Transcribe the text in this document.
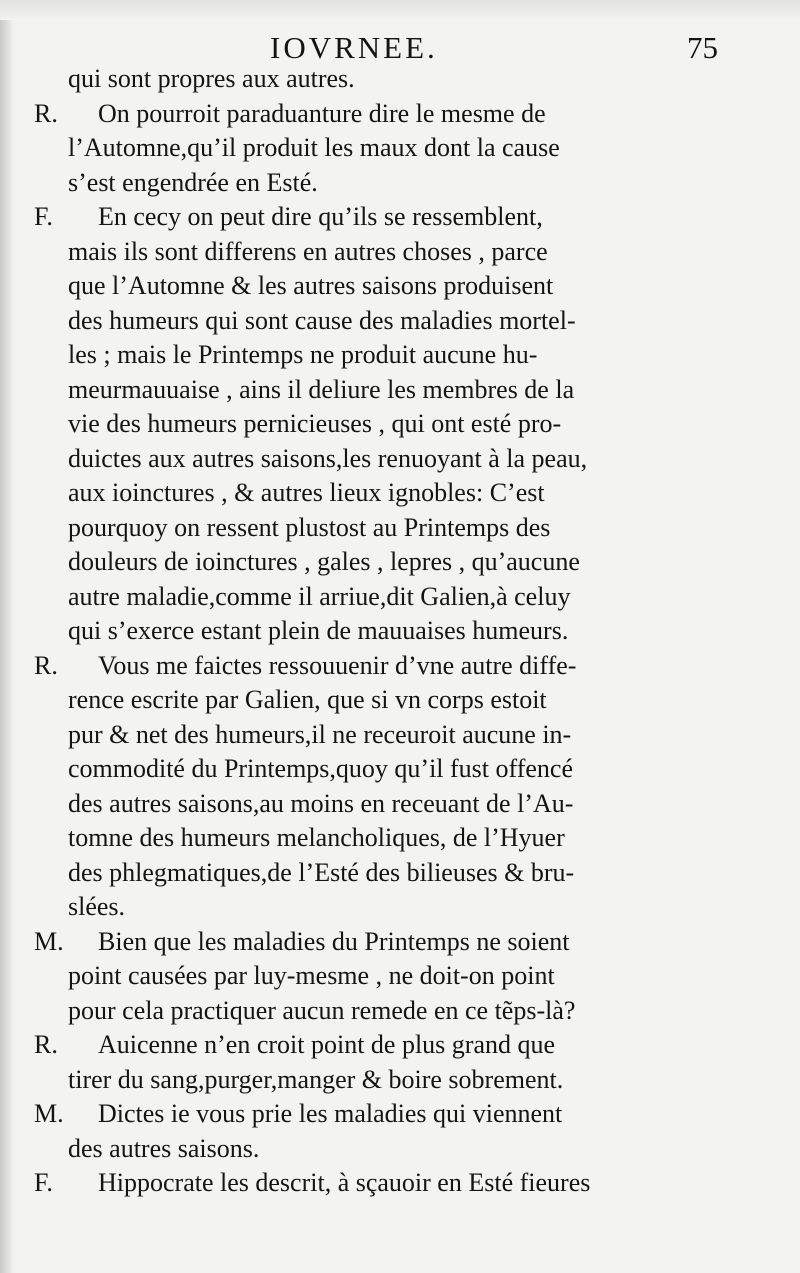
IOVRNEE.	75
qui sont propres aux autres.
R. On pourroit paraduanture dire le mesme de
l’Automne,qu’il produit les maux dont la cause
s’est engendrée en Esté.
F. En cecy on peut dire qu’ils se ressemblent,
mais ils sont differens en autres choses , parce
que l’Automne & les autres saisons produisent
des humeurs qui sont cause des maladies mortel-
les ; mais le Printemps ne produit aucune hu-
meurmauuaise , ains il deliure les membres de la
vie des humeurs pernicieuses , qui ont esté pro-
duictes aux autres saisons,les renuoyant à la peau,
aux ioinctures , & autres lieux ignobles: C’est
pourquoy on ressent plustost au Printemps des
douleurs de ioinctures , gales , lepres , qu’aucune
autre maladie,comme il arriue,dit Galien,à celuy
qui s’exerce estant plein de mauuaises humeurs.
R. Vous me faictes ressouuenir d’vne autre diffe-
rence escrite par Galien, que si vn corps estoit
pur & net des humeurs,il ne receuroit aucune in-
commodité du Printemps,quoy qu’il fust offencé
des autres saisons,au moins en receuant de l’Au-
tomne des humeurs melancholiques, de l’Hyuer
des phlegmatiques,de l’Esté des bilieuses & bru-
slées.
M. Bien que les maladies du Printemps ne soient
point causées par luy-mesme , ne doit-on point
pour cela practiquer aucun remede en ce tẽps-là?
R. Auicenne n’en croit point de plus grand que
tirer du sang,purger,manger & boire sobrement.
M. Dictes ie vous prie les maladies qui viennent
des autres saisons.
F. Hippocrate les descrit, à sçauoir en Esté fieures
